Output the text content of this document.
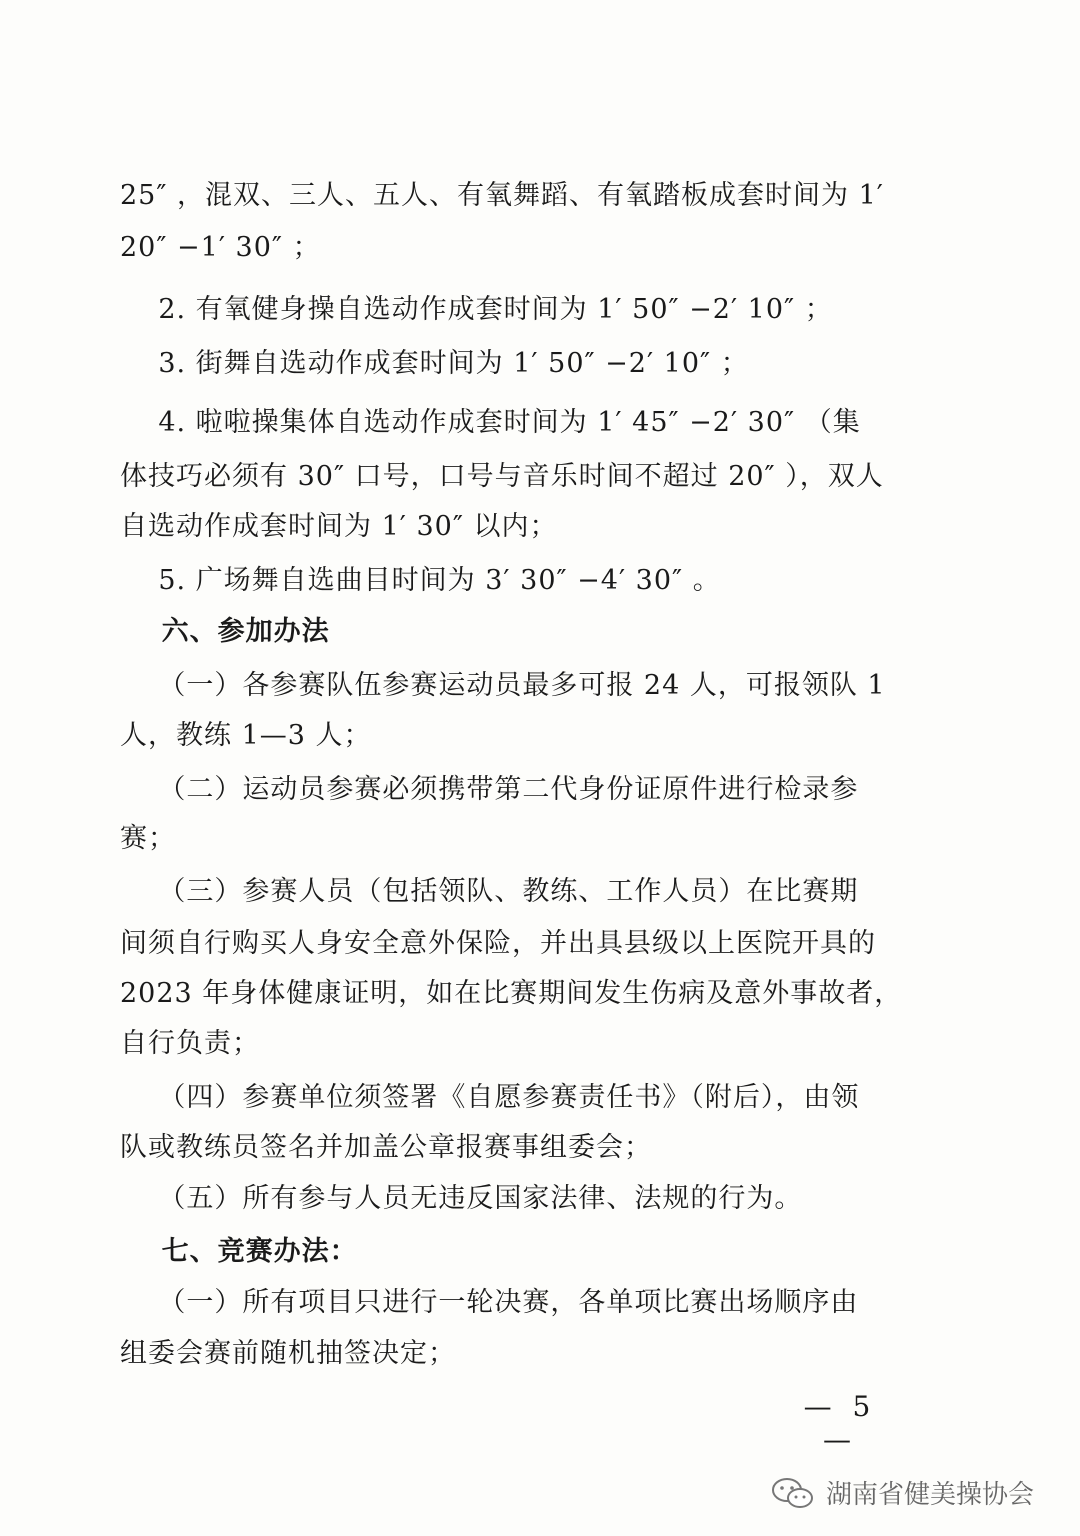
25″ ，混双、三人、五人、有氧舞蹈、有氧踏板成套时间为 1′
20″ −1′ 30″ ；
2. 有氧健身操自选动作成套时间为 1′ 50″ −2′ 10″ ；
3. 街舞自选动作成套时间为 1′ 50″ −2′ 10″ ；
4. 啦啦操集体自选动作成套时间为 1′ 45″ −2′ 30″ （集
体技巧必须有 30″ 口号，口号与音乐时间不超过 20″ ），双人
自选动作成套时间为 1′ 30″ 以内；
5. 广场舞自选曲目时间为 3′ 30″ −4′ 30″ 。
六、参加办法
（一）各参赛队伍参赛运动员最多可报 24 人，可报领队 1
人，教练 1—3 人；
（二）运动员参赛必须携带第二代身份证原件进行检录参
赛；
（三）参赛人员（包括领队、教练、工作人员）在比赛期
间须自行购买人身安全意外保险，并出具县级以上医院开具的
2023 年身体健康证明，如在比赛期间发生伤病及意外事故者，
自行负责；
（四）参赛单位须签署《自愿参赛责任书》（附后），由领
队或教练员签名并加盖公章报赛事组委会；
（五）所有参与人员无违反国家法律、法规的行为。
七、竞赛办法：
（一）所有项目只进行一轮决赛，各单项比赛出场顺序由
组委会赛前随机抽签决定；
— 5 —
湖南省健美操协会
